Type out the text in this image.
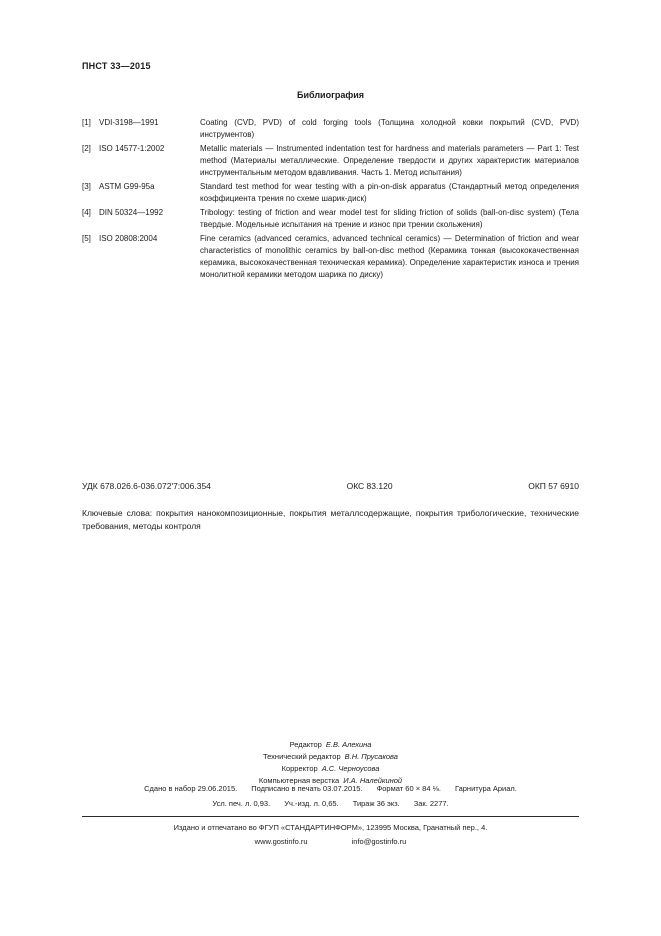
ПНСТ 33—2015
Библиография
[1] VDI-3198—1991	Coating (CVD, PVD) of cold forging tools (Толщина холодной ковки покрытий (CVD, PVD) инструментов)
[2] ISO 14577-1:2002	Metallic materials — Instrumented indentation test for hardness and materials parameters — Part 1: Test method (Материалы металлические. Определение твердости и других характеристик материалов инструментальным методом вдавливания. Часть 1. Метод испытания)
[3] ASTM G99-95a	Standard test method for wear testing with a pin-on-disk apparatus (Стандартный метод определения коэффициента трения по схеме шарик-диск)
[4] DIN 50324—1992	Tribology: testing of friction and wear model test for sliding friction of solids (ball-on-disc system) (Тела твердые. Модельные испытания на трение и износ при трении скольжения)
[5] ISO 20808:2004	Fine ceramics (advanced ceramics, advanced technical ceramics) — Determination of friction and wear characteristics of monolithic ceramics by ball-on-disc method (Керамика тонкая (высококачественная керамика, высококачественная техническая керамика). Определение характеристик износа и трения монолитной керамики методом шарика по диску)
УДК 678.026.6-036.072'7:006.354	ОКС 83.120	ОКП 57 6910
Ключевые слова: покрытия нанокомпозиционные, покрытия металлсодержащие, покрытия трибологические, технические требования, методы контроля
Редактор Е.В. Алехина
Технический редактор В.Н. Прусакова
Корректор А.С. Черноусова
Компьютерная верстка И.А. Налейкиной
Сдано в набор 29.06.2015. Подписано в печать 03.07.2015. Формат 60 × 84 ⅛. Гарнитура Ариал.
Усл. печ. л. 0,93. Уч.-изд. л. 0,65. Тираж 36 экз. Зак. 2277.
Издано и отпечатано во ФГУП «СТАНДАРТИНФОРМ», 123995 Москва, Гранатный пер., 4.
www.gostinfo.ru	info@gostinfo.ru
